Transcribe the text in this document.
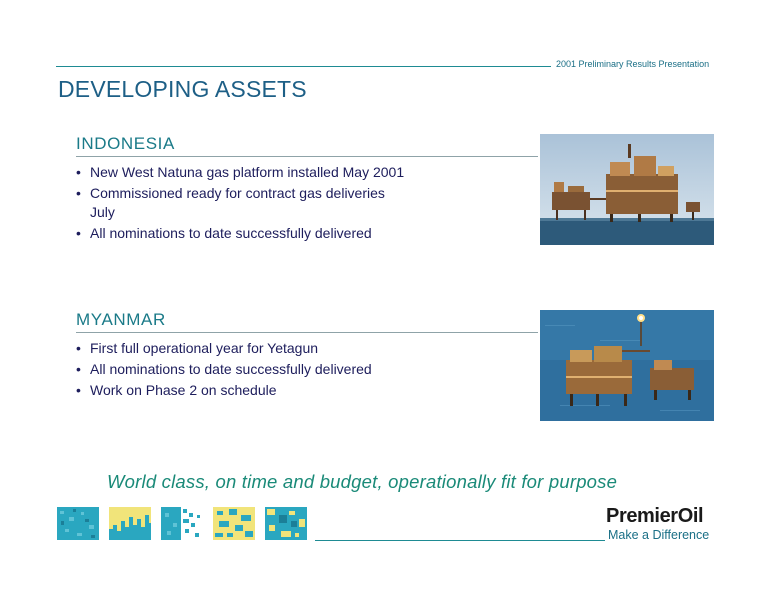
2001 Preliminary Results Presentation
DEVELOPING ASSETS
INDONESIA
• New West Natuna gas platform installed May 2001
• Commissioned ready for contract gas deliveries July
• All nominations to date successfully delivered
MYANMAR
• First full operational year for Yetagun
• All nominations to date successfully delivered
• Work on Phase 2 on schedule
World class, on time and budget, operationally fit for purpose
PremierOil
Make a Difference
